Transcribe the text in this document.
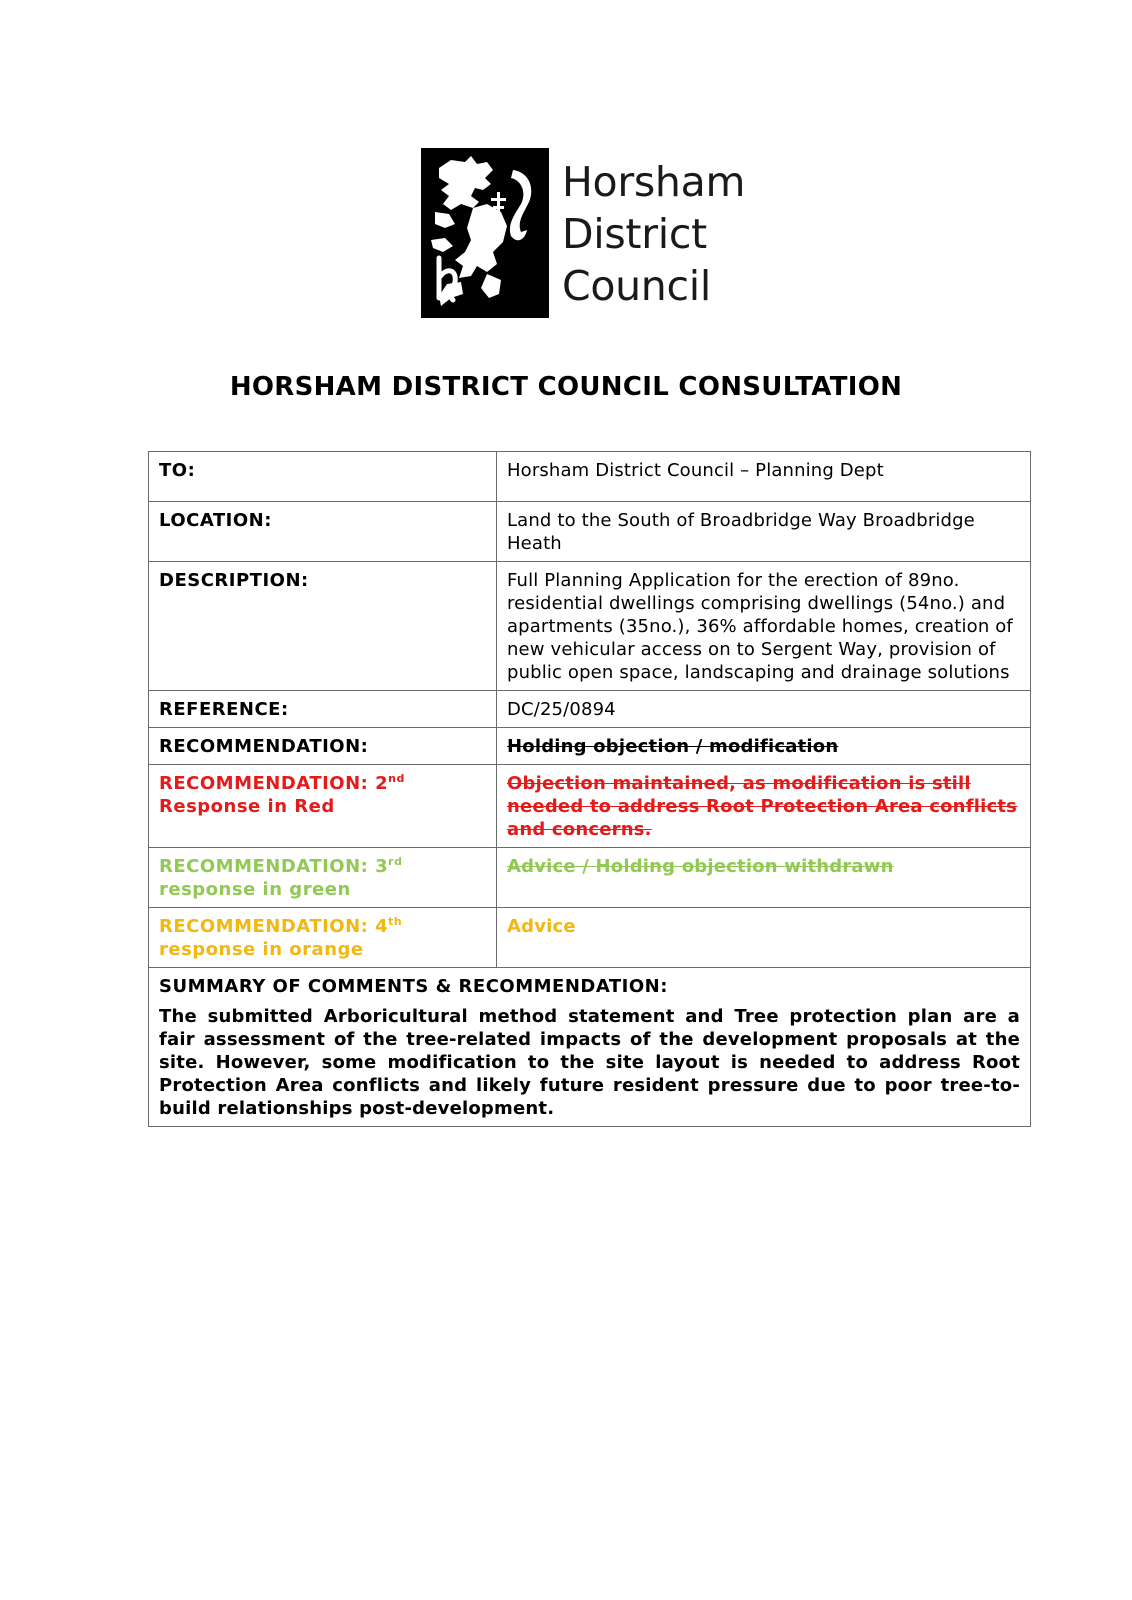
Horsham
District
Council
HORSHAM DISTRICT COUNCIL CONSULTATION
TO:	Horsham District Council – Planning Dept
LOCATION:	Land to the South of Broadbridge Way Broadbridge Heath
DESCRIPTION:	Full Planning Application for the erection of 89no. residential dwellings comprising dwellings (54no.) and apartments (35no.), 36% affordable homes, creation of new vehicular access on to Sergent Way, provision of public open space, landscaping and drainage solutions
REFERENCE:	DC/25/0894
RECOMMENDATION:	Holding objection / modification
RECOMMENDATION: 2nd
Response in Red	Objection maintained, as modification is still needed to address Root Protection Area conflicts and concerns.
RECOMMENDATION: 3rd
response in green	Advice / Holding objection withdrawn
RECOMMENDATION: 4th
response in orange	Advice

SUMMARY OF COMMENTS & RECOMMENDATION:
The submitted Arboricultural method statement and Tree protection plan are a fair assessment of the tree-related impacts of the development proposals at the site. However, some modification to the site layout is needed to address Root Protection Area conflicts and likely future resident pressure due to poor tree-to-build relationships post-development.	
